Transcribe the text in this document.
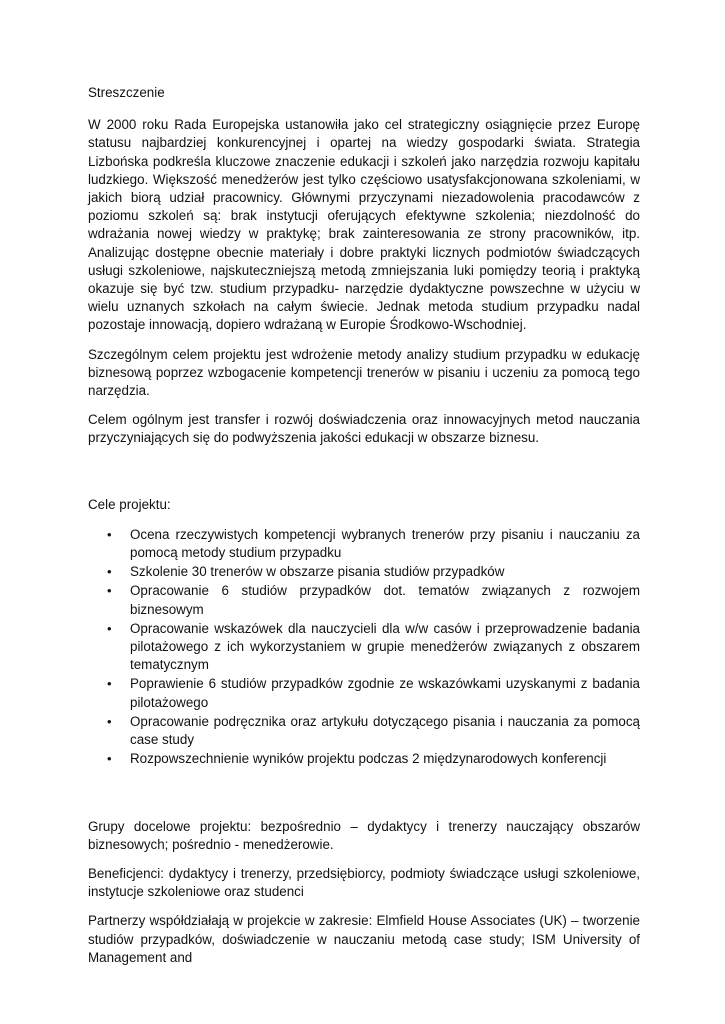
Streszczenie

W 2000 roku Rada Europejska ustanowiła jako cel strategiczny osiągnięcie przez Europę statusu najbardziej konkurencyjnej i opartej na wiedzy gospodarki świata. Strategia Lizbońska podkreśla kluczowe znaczenie edukacji i szkoleń jako narzędzia rozwoju kapitału ludzkiego. Większość menedżerów jest tylko częściowo usatysfakcjonowana szkoleniami, w jakich biorą udział pracownicy. Głównymi przyczynami niezadowolenia pracodawców z poziomu szkoleń są: brak instytucji oferujących efektywne szkolenia; niezdolność do wdrażania nowej wiedzy w praktykę; brak zainteresowania ze strony pracowników, itp. Analizując dostępne obecnie materiały i dobre praktyki licznych podmiotów świadczących usługi szkoleniowe, najskuteczniejszą metodą zmniejszania luki pomiędzy teorią i praktyką okazuje się być tzw. studium przypadku- narzędzie dydaktyczne powszechne w użyciu w wielu uznanych szkołach na całym świecie. Jednak metoda studium przypadku nadal pozostaje innowacją, dopiero wdrażaną w Europie Środkowo-Wschodniej.

Szczególnym celem projektu jest wdrożenie metody analizy studium przypadku w edukację biznesową poprzez wzbogacenie kompetencji trenerów w pisaniu i uczeniu za pomocą tego narzędzia.

Celem ogólnym jest transfer i rozwój doświadczenia oraz innowacyjnych metod nauczania przyczyniających się do podwyższenia jakości edukacji w obszarze biznesu.

Cele projektu:
• Ocena rzeczywistych kompetencji wybranych trenerów przy pisaniu i nauczaniu za pomocą metody studium przypadku
• Szkolenie 30 trenerów w obszarze pisania studiów przypadków
• Opracowanie 6 studiów przypadków dot. tematów związanych z rozwojem biznesowym
• Opracowanie wskazówek dla nauczycieli dla w/w casów i przeprowadzenie badania pilotażowego z ich wykorzystaniem w grupie menedżerów związanych z obszarem tematycznym
• Poprawienie 6 studiów przypadków zgodnie ze wskazówkami uzyskanymi z badania pilotażowego
• Opracowanie podręcznika oraz artykułu dotyczącego pisania i nauczania za pomocą case study
• Rozpowszechnienie wyników projektu podczas 2 międzynarodowych konferencji

Grupy docelowe projektu: bezpośrednio – dydaktycy i trenerzy nauczający obszarów biznesowych; pośrednio - menedżerowie.

Beneficjenci: dydaktycy i trenerzy, przedsiębiorcy, podmioty świadczące usługi szkoleniowe, instytucje szkoleniowe oraz studenci

Partnerzy współdziałają w projekcie w zakresie: Elmfield House Associates (UK) – tworzenie studiów przypadków, doświadczenie w nauczaniu metodą case study; ISM University of Management and
